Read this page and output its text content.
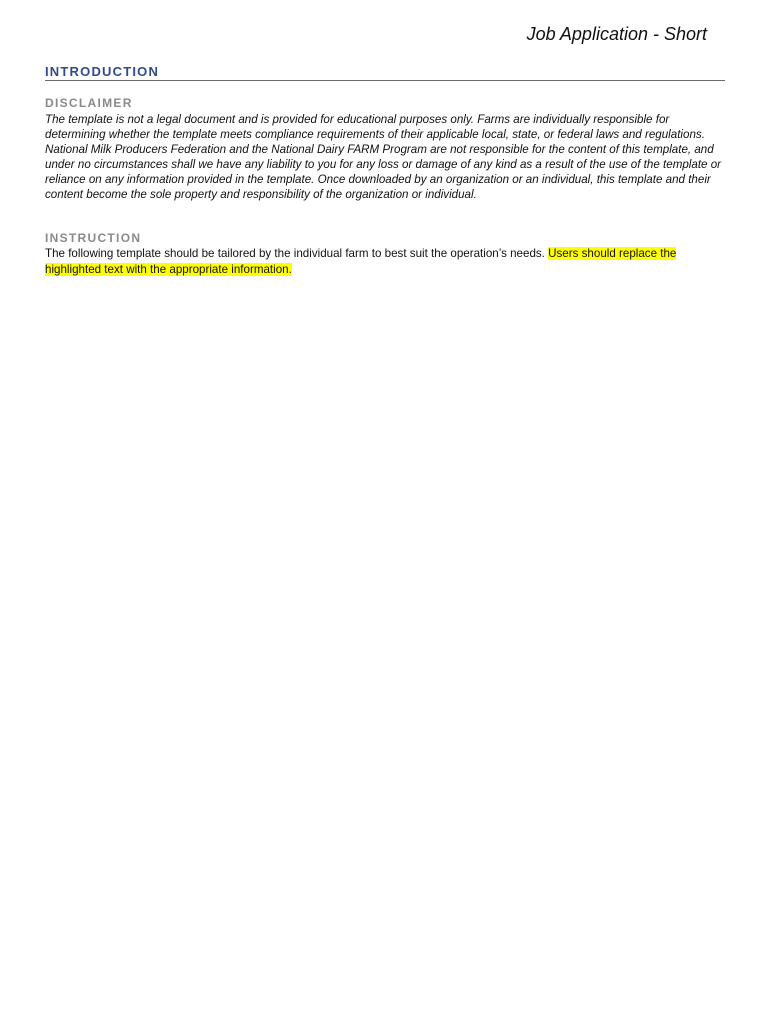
Job Application - Short
INTRODUCTION
DISCLAIMER

The template is not a legal document and is provided for educational purposes only. Farms are individually responsible for determining whether the template meets compliance requirements of their applicable local, state, or federal laws and regulations. National Milk Producers Federation and the National Dairy FARM Program are not responsible for the content of this template, and under no circumstances shall we have any liability to you for any loss or damage of any kind as a result of the use of the template or reliance on any information provided in the template. Once downloaded by an organization or an individual, this template and their content become the sole property and responsibility of the organization or individual.

INSTRUCTION

The following template should be tailored by the individual farm to best suit the operation’s needs. Users should replace the highlighted text with the appropriate information.
